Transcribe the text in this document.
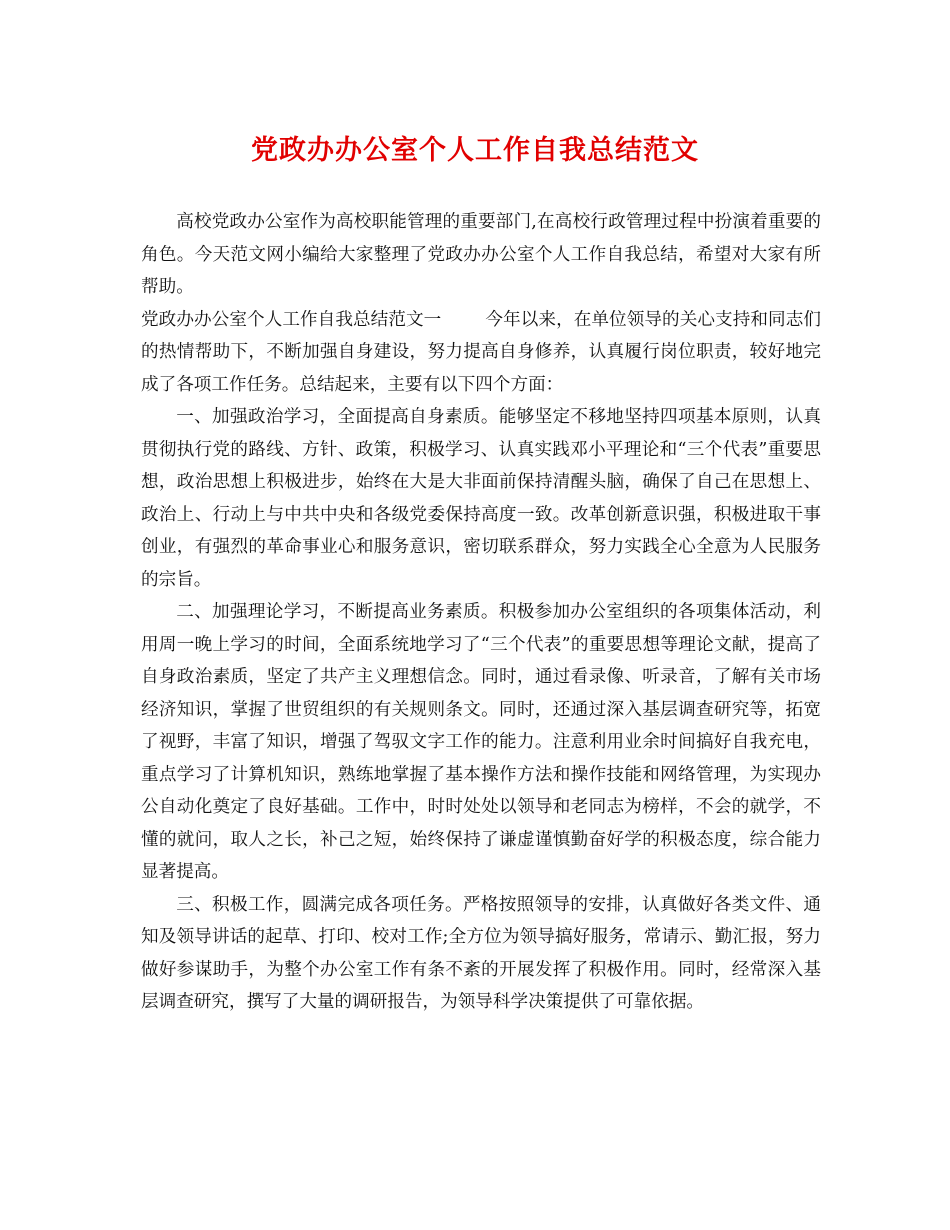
党政办办公室个人工作自我总结范文

高校党政办公室作为高校职能管理的重要部门,在高校行政管理过程中扮演着重要的角色。今天范文网小编给大家整理了党政办办公室个人工作自我总结，希望对大家有所帮助。

党政办办公室个人工作自我总结范文一	今年以来，在单位领导的关心支持和同志们的热情帮助下，不断加强自身建设，努力提高自身修养，认真履行岗位职责，较好地完成了各项工作任务。总结起来，主要有以下四个方面：

一、加强政治学习，全面提高自身素质。能够坚定不移地坚持四项基本原则，认真贯彻执行党的路线、方针、政策，积极学习、认真实践邓小平理论和“三个代表”重要思想，政治思想上积极进步，始终在大是大非面前保持清醒头脑，确保了自己在思想上、政治上、行动上与中共中央和各级党委保持高度一致。改革创新意识强，积极进取干事创业，有强烈的革命事业心和服务意识，密切联系群众，努力实践全心全意为人民服务的宗旨。

二、加强理论学习，不断提高业务素质。积极参加办公室组织的各项集体活动，利用周一晚上学习的时间，全面系统地学习了“三个代表”的重要思想等理论文献，提高了自身政治素质，坚定了共产主义理想信念。同时，通过看录像、听录音，了解有关市场经济知识，掌握了世贸组织的有关规则条文。同时，还通过深入基层调查研究等，拓宽了视野，丰富了知识，增强了驾驭文字工作的能力。注意利用业余时间搞好自我充电，重点学习了计算机知识，熟练地掌握了基本操作方法和操作技能和网络管理，为实现办公自动化奠定了良好基础。工作中，时时处处以领导和老同志为榜样，不会的就学，不懂的就问，取人之长，补己之短，始终保持了谦虚谨慎勤奋好学的积极态度，综合能力显著提高。

三、积极工作，圆满完成各项任务。严格按照领导的安排，认真做好各类文件、通知及领导讲话的起草、打印、校对工作;全方位为领导搞好服务，常请示、勤汇报，努力做好参谋助手，为整个办公室工作有条不紊的开展发挥了积极作用。同时，经常深入基层调查研究，撰写了大量的调研报告，为领导科学决策提供了可靠依据。
